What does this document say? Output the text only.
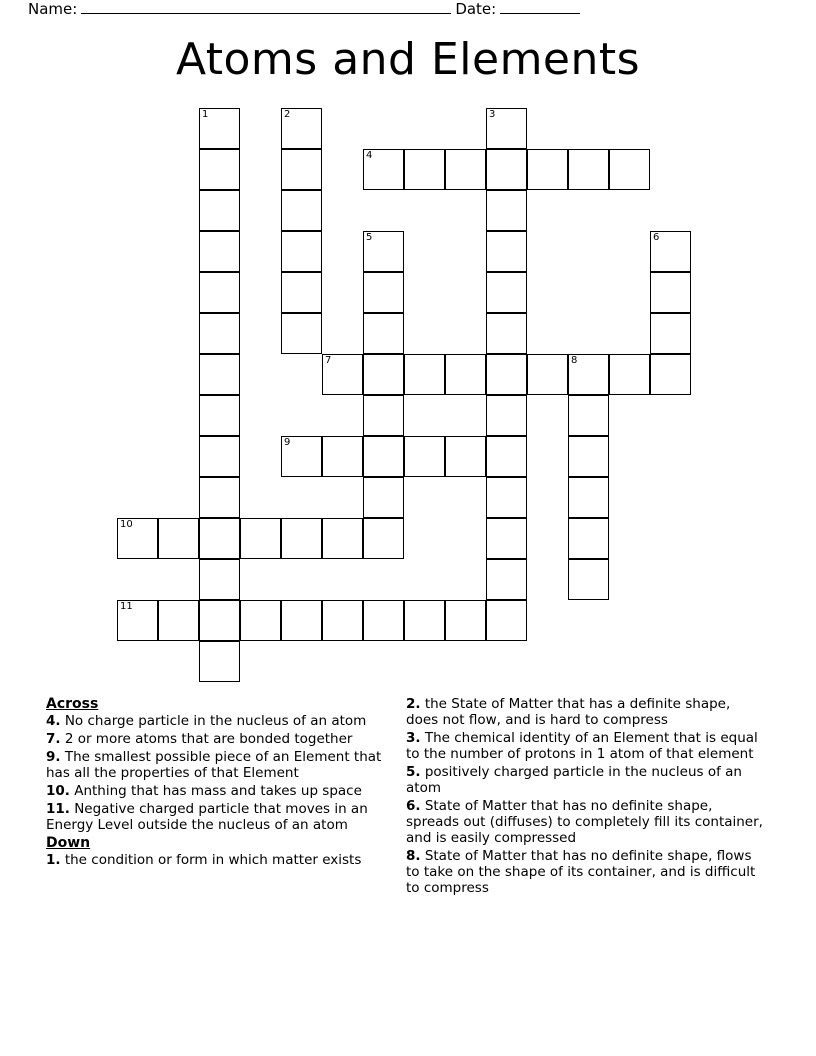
Name:	Date:
Atoms and Elements
1	2	3
4
5	6
7	8
9
10
11
Across
4. No charge particle in the nucleus of an atom
7. 2 or more atoms that are bonded together
9. The smallest possible piece of an Element that has all the properties of that Element
10. Anthing that has mass and takes up space
11. Negative charged particle that moves in an Energy Level outside the nucleus of an atom
Down
1. the condition or form in which matter exists
2. the State of Matter that has a definite shape, does not flow, and is hard to compress
3. The chemical identity of an Element that is equal to the number of protons in 1 atom of that element
5. positively charged particle in the nucleus of an atom
6. State of Matter that has no definite shape, spreads out (diffuses) to completely fill its container, and is easily compressed
8. State of Matter that has no definite shape, flows to take on the shape of its container, and is difficult to compress
